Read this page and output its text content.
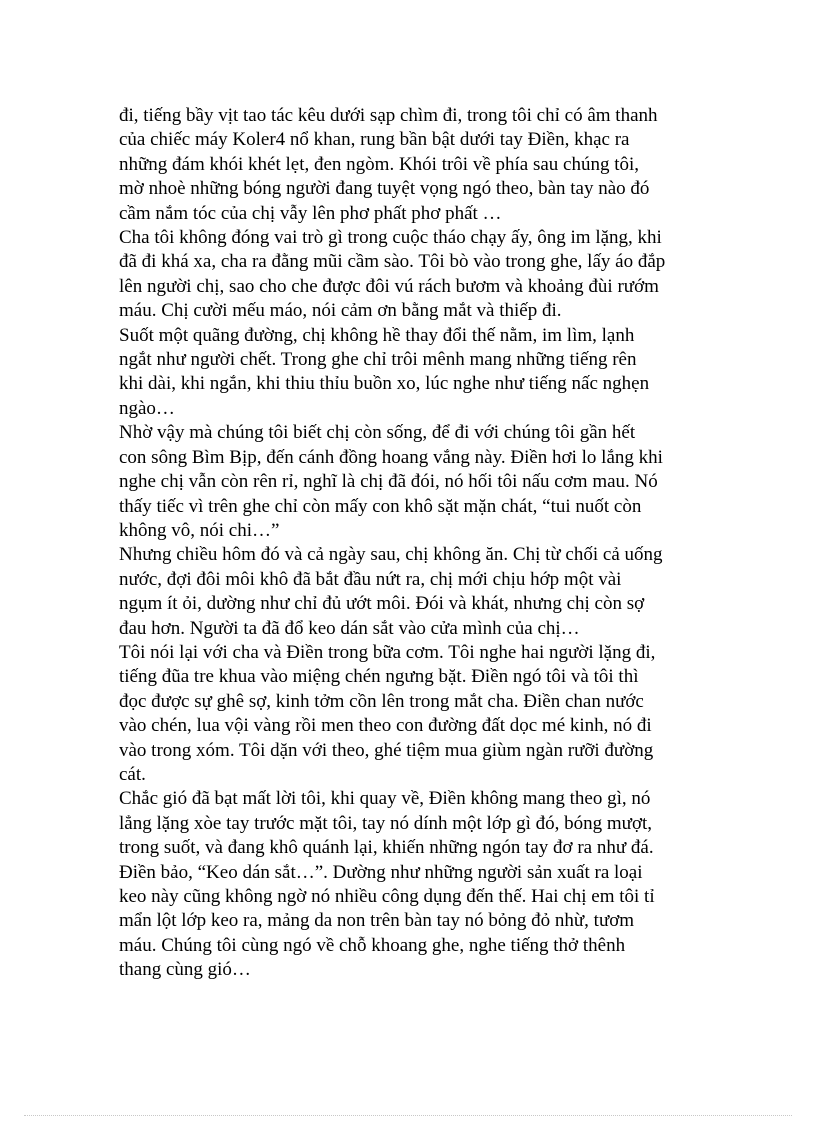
đi, tiếng bầy vịt tao tác kêu dưới sạp chìm đi, trong tôi chỉ có âm thanh
của chiếc máy Koler4 nổ khan, rung bần bật dưới tay Điền, khạc ra
những đám khói khét lẹt, đen ngòm. Khói trôi về phía sau chúng tôi,
mờ nhoè những bóng người đang tuyệt vọng ngó theo, bàn tay nào đó
cầm nắm tóc của chị vẫy lên phơ phất phơ phất …
Cha tôi không đóng vai trò gì trong cuộc tháo chạy ấy, ông im lặng, khi
đã đi khá xa, cha ra đằng mũi cầm sào. Tôi bò vào trong ghe, lấy áo đắp
lên người chị, sao cho che được đôi vú rách bươm và khoảng đùi rướm
máu. Chị cười mếu máo, nói cảm ơn bằng mắt và thiếp đi.
Suốt một quãng đường, chị không hề thay đổi thế nằm, im lìm, lạnh
ngắt như người chết. Trong ghe chỉ trôi mênh mang những tiếng rên
khi dài, khi ngắn, khi thiu thỉu buồn xo, lúc nghe như tiếng nấc nghẹn
ngào…
Nhờ vậy mà chúng tôi biết chị còn sống, để đi với chúng tôi gần hết
con sông Bìm Bịp, đến cánh đồng hoang vắng này. Điền hơi lo lắng khi
nghe chị vẫn còn rên rỉ, nghĩ là chị đã đói, nó hối tôi nấu cơm mau. Nó
thấy tiếc vì trên ghe chỉ còn mấy con khô sặt mặn chát, “tui nuốt còn
không vô, nói chi…”
Nhưng chiều hôm đó và cả ngày sau, chị không ăn. Chị từ chối cả uống
nước, đợi đôi môi khô đã bắt đầu nứt ra, chị mới chịu hớp một vài
ngụm ít ỏi, dường như chỉ đủ ướt môi. Đói và khát, nhưng chị còn sợ
đau hơn. Người ta đã đổ keo dán sắt vào cửa mình của chị…
Tôi nói lại với cha và Điền trong bữa cơm. Tôi nghe hai người lặng đi,
tiếng đũa tre khua vào miệng chén ngưng bặt. Điền ngó tôi và tôi thì
đọc được sự ghê sợ, kinh tởm cồn lên trong mắt cha. Điền chan nước
vào chén, lua vội vàng rồi men theo con đường đất dọc mé kinh, nó đi
vào trong xóm. Tôi dặn với theo, ghé tiệm mua giùm ngàn rưỡi đường
cát.
Chắc gió đã bạt mất lời tôi, khi quay về, Điền không mang theo gì, nó
lẳng lặng xòe tay trước mặt tôi, tay nó dính một lớp gì đó, bóng mượt,
trong suốt, và đang khô quánh lại, khiến những ngón tay đơ ra như đá.
Điền bảo, “Keo dán sắt…”. Dường như những người sản xuất ra loại
keo này cũng không ngờ nó nhiều công dụng đến thế. Hai chị em tôi tỉ
mẩn lột lớp keo ra, mảng da non trên bàn tay nó bỏng đỏ nhừ, tươm
máu. Chúng tôi cùng ngó về chỗ khoang ghe, nghe tiếng thở thênh
thang cùng gió…
